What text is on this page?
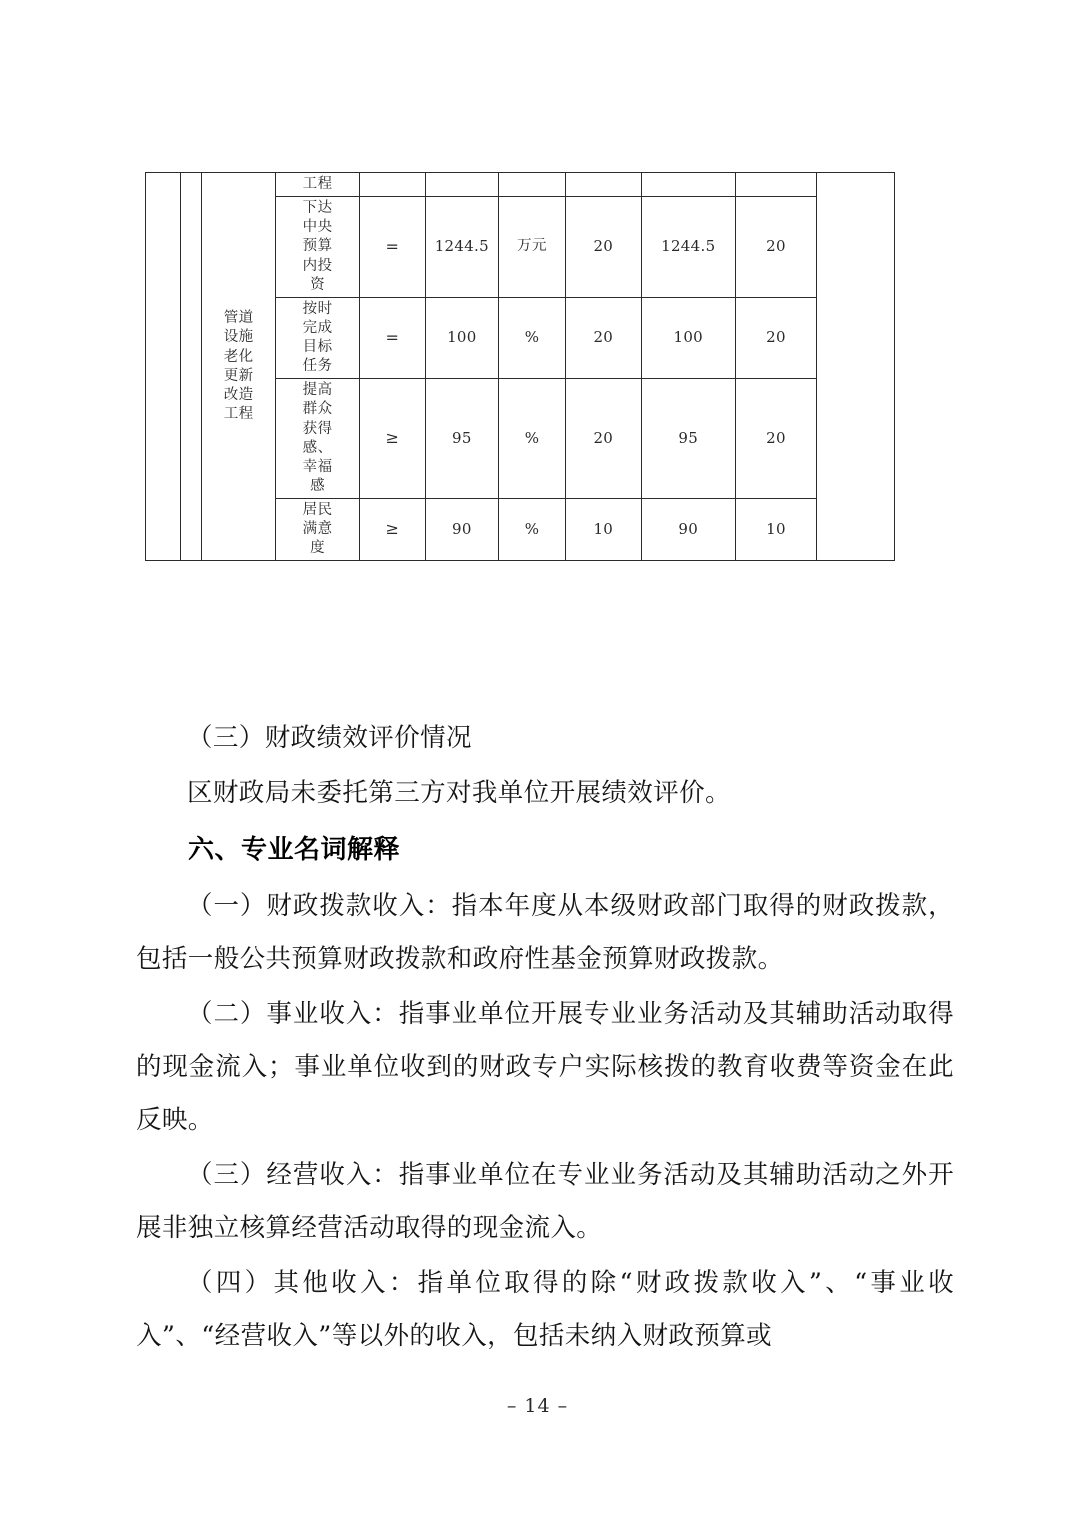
		管道设施老化更新改造工程	工程							

			下达中央预算内投资	=	1244.5	万元	20	1244.5	20	

			按时完成目标任务	=	100	%	20	100	20	

			提高群众获得感、幸福感	≥	95	%	20	95	20	

			居民满意度	≥	90	%	10	90	10	

（三）财政绩效评价情况

区财政局未委托第三方对我单位开展绩效评价。

六、专业名词解释

（一）财政拨款收入：指本年度从本级财政部门取得的财政拨款，包括一般公共预算财政拨款和政府性基金预算财政拨款。

（二）事业收入：指事业单位开展专业业务活动及其辅助活动取得的现金流入；事业单位收到的财政专户实际核拨的教育收费等资金在此反映。

（三）经营收入：指事业单位在专业业务活动及其辅助活动之外开展非独立核算经营活动取得的现金流入。

（四）其他收入：指单位取得的除“财政拨款收入”、“事业收入”、“经营收入”等以外的收入，包括未纳入财政预算或

– 14 –
